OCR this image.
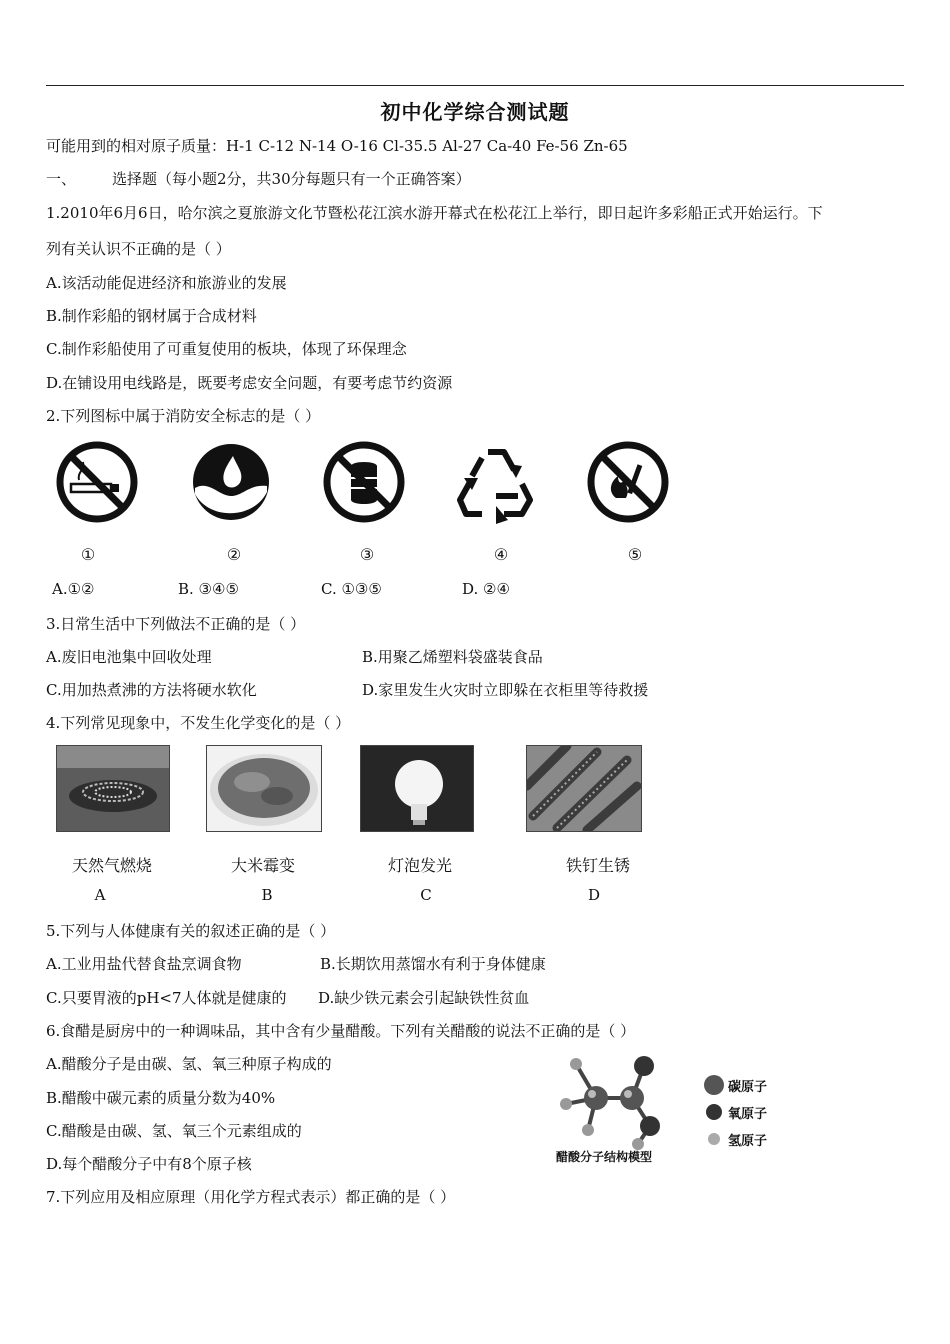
初中化学综合测试题
可能用到的相对原子质量：H-1 C-12 N-14 O-16 Cl-35.5 Al-27 Ca-40 Fe-56 Zn-65
一、 选择题（每小题2分，共30分每题只有一个正确答案）
1.2010年6月6日，哈尔滨之夏旅游文化节暨松花江滨水游开幕式在松花江上举行，即日起许多彩船正式开始运行。下
列有关认识不正确的是（ ）
A.该活动能促进经济和旅游业的发展
B.制作彩船的钢材属于合成材料
C.制作彩船使用了可重复使用的板块，体现了环保理念
D.在铺设用电线路是，既要考虑安全问题，有要考虑节约资源
2.下列图标中属于消防安全标志的是（ ）
①	②	③	④	⑤
A.①②	B. ③④⑤	C. ①③⑤	D. ②④
3.日常生活中下列做法不正确的是（ ）
A.废旧电池集中回收处理	B.用聚乙烯塑料袋盛装食品
C.用加热煮沸的方法将硬水软化	D.家里发生火灾时立即躲在衣柜里等待救援
4.下列常见现象中，不发生化学变化的是（ ）
天然气燃烧	大米霉变	灯泡发光	铁钉生锈
A	B	C	D
5.下列与人体健康有关的叙述正确的是（ ）
A.工业用盐代替食盐烹调食物	B.长期饮用蒸馏水有利于身体健康
C.只要胃液的pH<7人体就是健康的 D.缺少铁元素会引起缺铁性贫血
6.食醋是厨房中的一种调味品，其中含有少量醋酸。下列有关醋酸的说法不正确的是（ ）
A.醋酸分子是由碳、氢、氧三种原子构成的
B.醋酸中碳元素的质量分数为40%
C.醋酸是由碳、氢、氧三个元素组成的
D.每个醋酸分子中有8个原子核
碳原子
氧原子
氢原子
醋酸分子结构模型
7.下列应用及相应原理（用化学方程式表示）都正确的是（ ）
